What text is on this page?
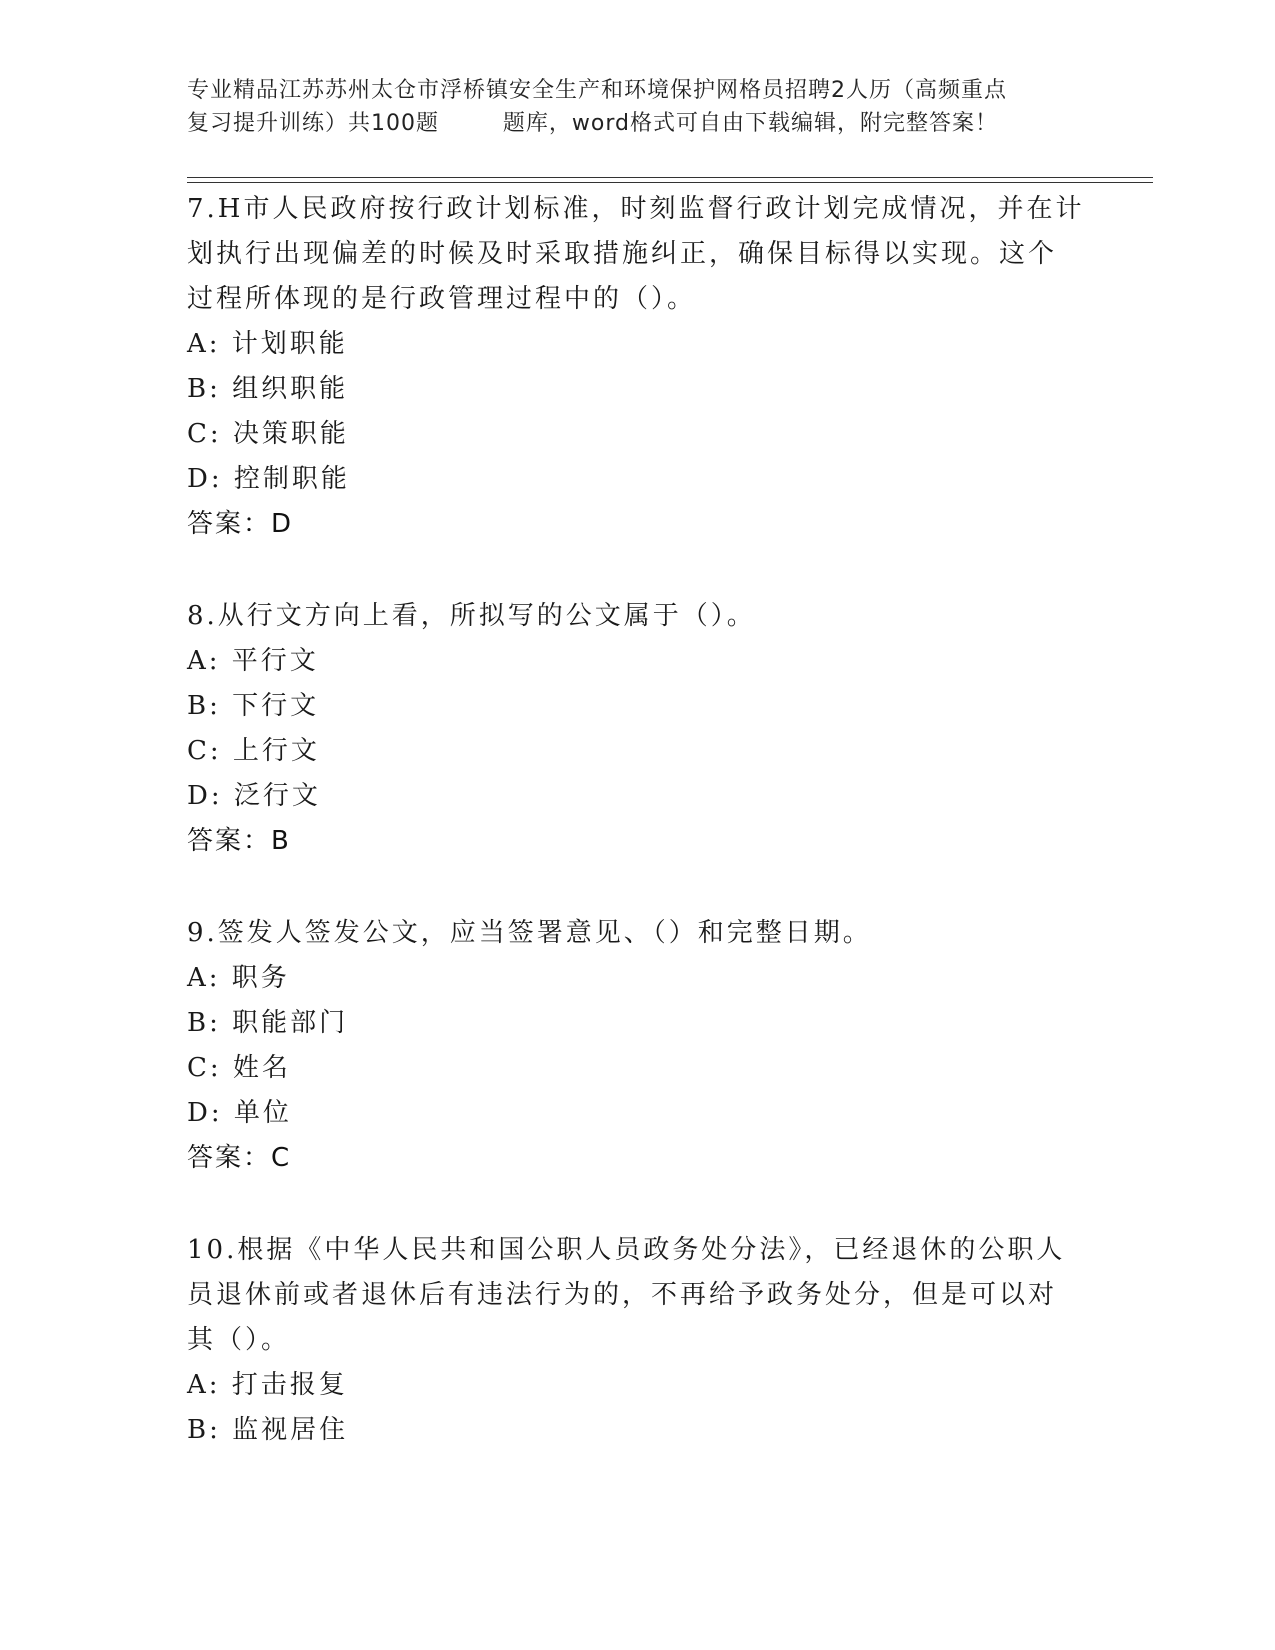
专业精品江苏苏州太仓市浮桥镇安全生产和环境保护网格员招聘2人历（高频重点
复习提升训练）共100题        题库，word格式可自由下载编辑，附完整答案！
7.H市人民政府按行政计划标准，时刻监督行政计划完成情况，并在计
划执行出现偏差的时候及时采取措施纠正，确保目标得以实现。这个
过程所体现的是行政管理过程中的（）。
A: 计划职能
B: 组织职能
C: 决策职能
D: 控制职能
答案：D
8.从行文方向上看，所拟写的公文属于（）。
A: 平行文
B: 下行文
C: 上行文
D: 泛行文
答案：B
9.签发人签发公文，应当签署意见、（）和完整日期。
A: 职务
B: 职能部门
C: 姓名
D: 单位
答案：C
10.根据《中华人民共和国公职人员政务处分法》，已经退休的公职人
员退休前或者退休后有违法行为的，不再给予政务处分，但是可以对
其（）。
A: 打击报复
B: 监视居住
